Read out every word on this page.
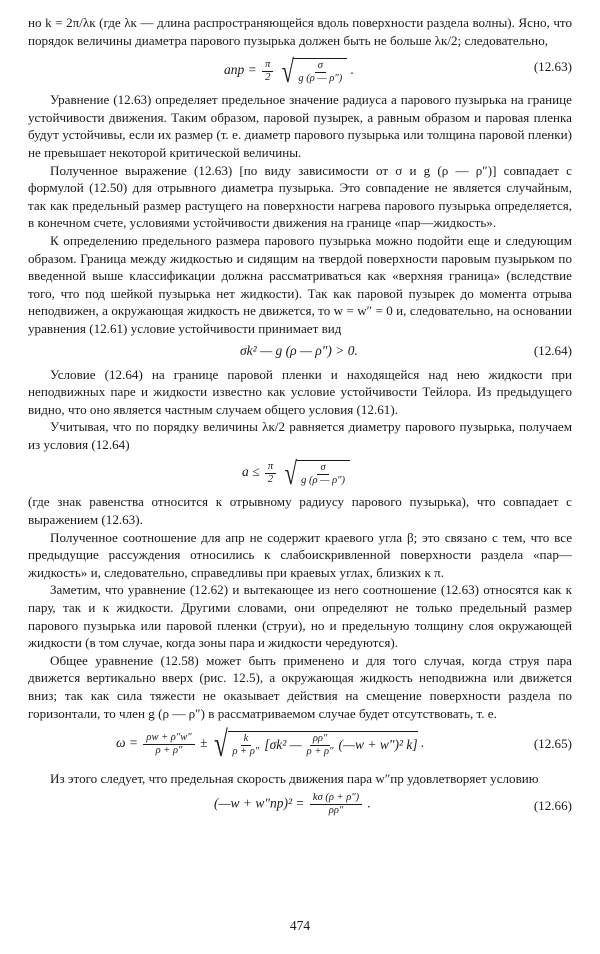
но k = 2π/λк (где λк — длина распространяющейся вдоль поверхности раздела волны). Ясно, что порядок величины диаметра парового пузырька должен быть не больше λк/2; следовательно,

aпр = $\frac{\pi}{2}$
√ $\frac{\sigma}{g (\rho — \rho'')}$ .	(12.63)

Уравнение (12.63) определяет предельное значение радиуса a парового пузырька на границе устойчивости движения. Таким образом, паровой пузырек, а равным образом и паровая пленка будут устойчивы, если их размер (т. е. диаметр парового пузырька или толщина паровой пленки) не превышает некоторой критической величины.

Полученное выражение (12.63) [по виду зависимости от σ и g (ρ — ρ″)] совпадает с формулой (12.50) для отрывного диаметра пузырька. Это совпадение не является случайным, так как предельный размер растущего на поверхности нагрева парового пузырька определяется, в конечном счете, условиями устойчивости движения на границе «пар—жидкость».

К определению предельного размера парового пузырька можно подойти еще и следующим образом. Граница между жидкостью и сидящим на твердой поверхности паровым пузырьком по введенной выше классификации должна рассматриваться как «верхняя граница» (вследствие того, что под шейкой пузырька нет жидкости). Так как паровой пузырек до момента отрыва неподвижен, а окружающая жидкость не движется, то w = w″ = 0 и, следовательно, на основании уравнения (12.61) условие устойчивости принимает вид

σk² — g (ρ — ρ″) > 0.	(12.64)

Условие (12.64) на границе паровой пленки и находящейся над нею жидкости при неподвижных паре и жидкости известно как условие устойчивости Тейлора. Из предыдущего видно, что оно является частным случаем общего условия (12.61).

Учитывая, что по порядку величины λк/2 равняется диаметру парового пузырька, получаем из условия (12.64)

$a \le \frac{\pi}{2}$
√ $\frac{\sigma}{g (\rho — \rho'')}$

(где знак равенства относится к отрывному радиусу парового пузырька), что совпадает с выражением (12.63).

Полученное соотношение для aпр не содержит краевого угла β; это связано с тем, что все предыдущие рассуждения относились к слабоискривленной поверхности раздела «пар—жидкость» и, следовательно, справедливы при краевых углах, близких к π.

Заметим, что уравнение (12.62) и вытекающее из него соотношение (12.63) относятся как к пару, так и к жидкости. Другими словами, они определяют не только предельный размер парового пузырька или паровой пленки (струи), но и предельную толщину слоя окружающей жидкости (в том случае, когда зоны пара и жидкости чередуются).

Общее уравнение (12.58) может быть применено и для того случая, когда струя пара движется вертикально вверх (рис. 12.5), а окружающая жидкость неподвижна или движется вниз; так как сила тяжести не оказывает действия на смещение поверхности раздела по горизонтали, то член g (ρ — ρ″) в рассматриваемом случае будет отсутствовать, т. е.

$\omega = \frac{\rho w + \rho''w''}{\rho + \rho''}$ ± √ $\frac{k}{\rho + \rho''} [\sigma k^2$ — $\frac{\rho\rho''}{\rho + \rho''}$ (—w + w″)² k] .	(12.65)

Из этого следует, что предельная скорость движения пара w″пр удовлетворяет условию

(—w + $w''пр)^2 = \frac{k\sigma (\rho + \rho'')}{\rho\rho''}$ .	(12.66)
474
